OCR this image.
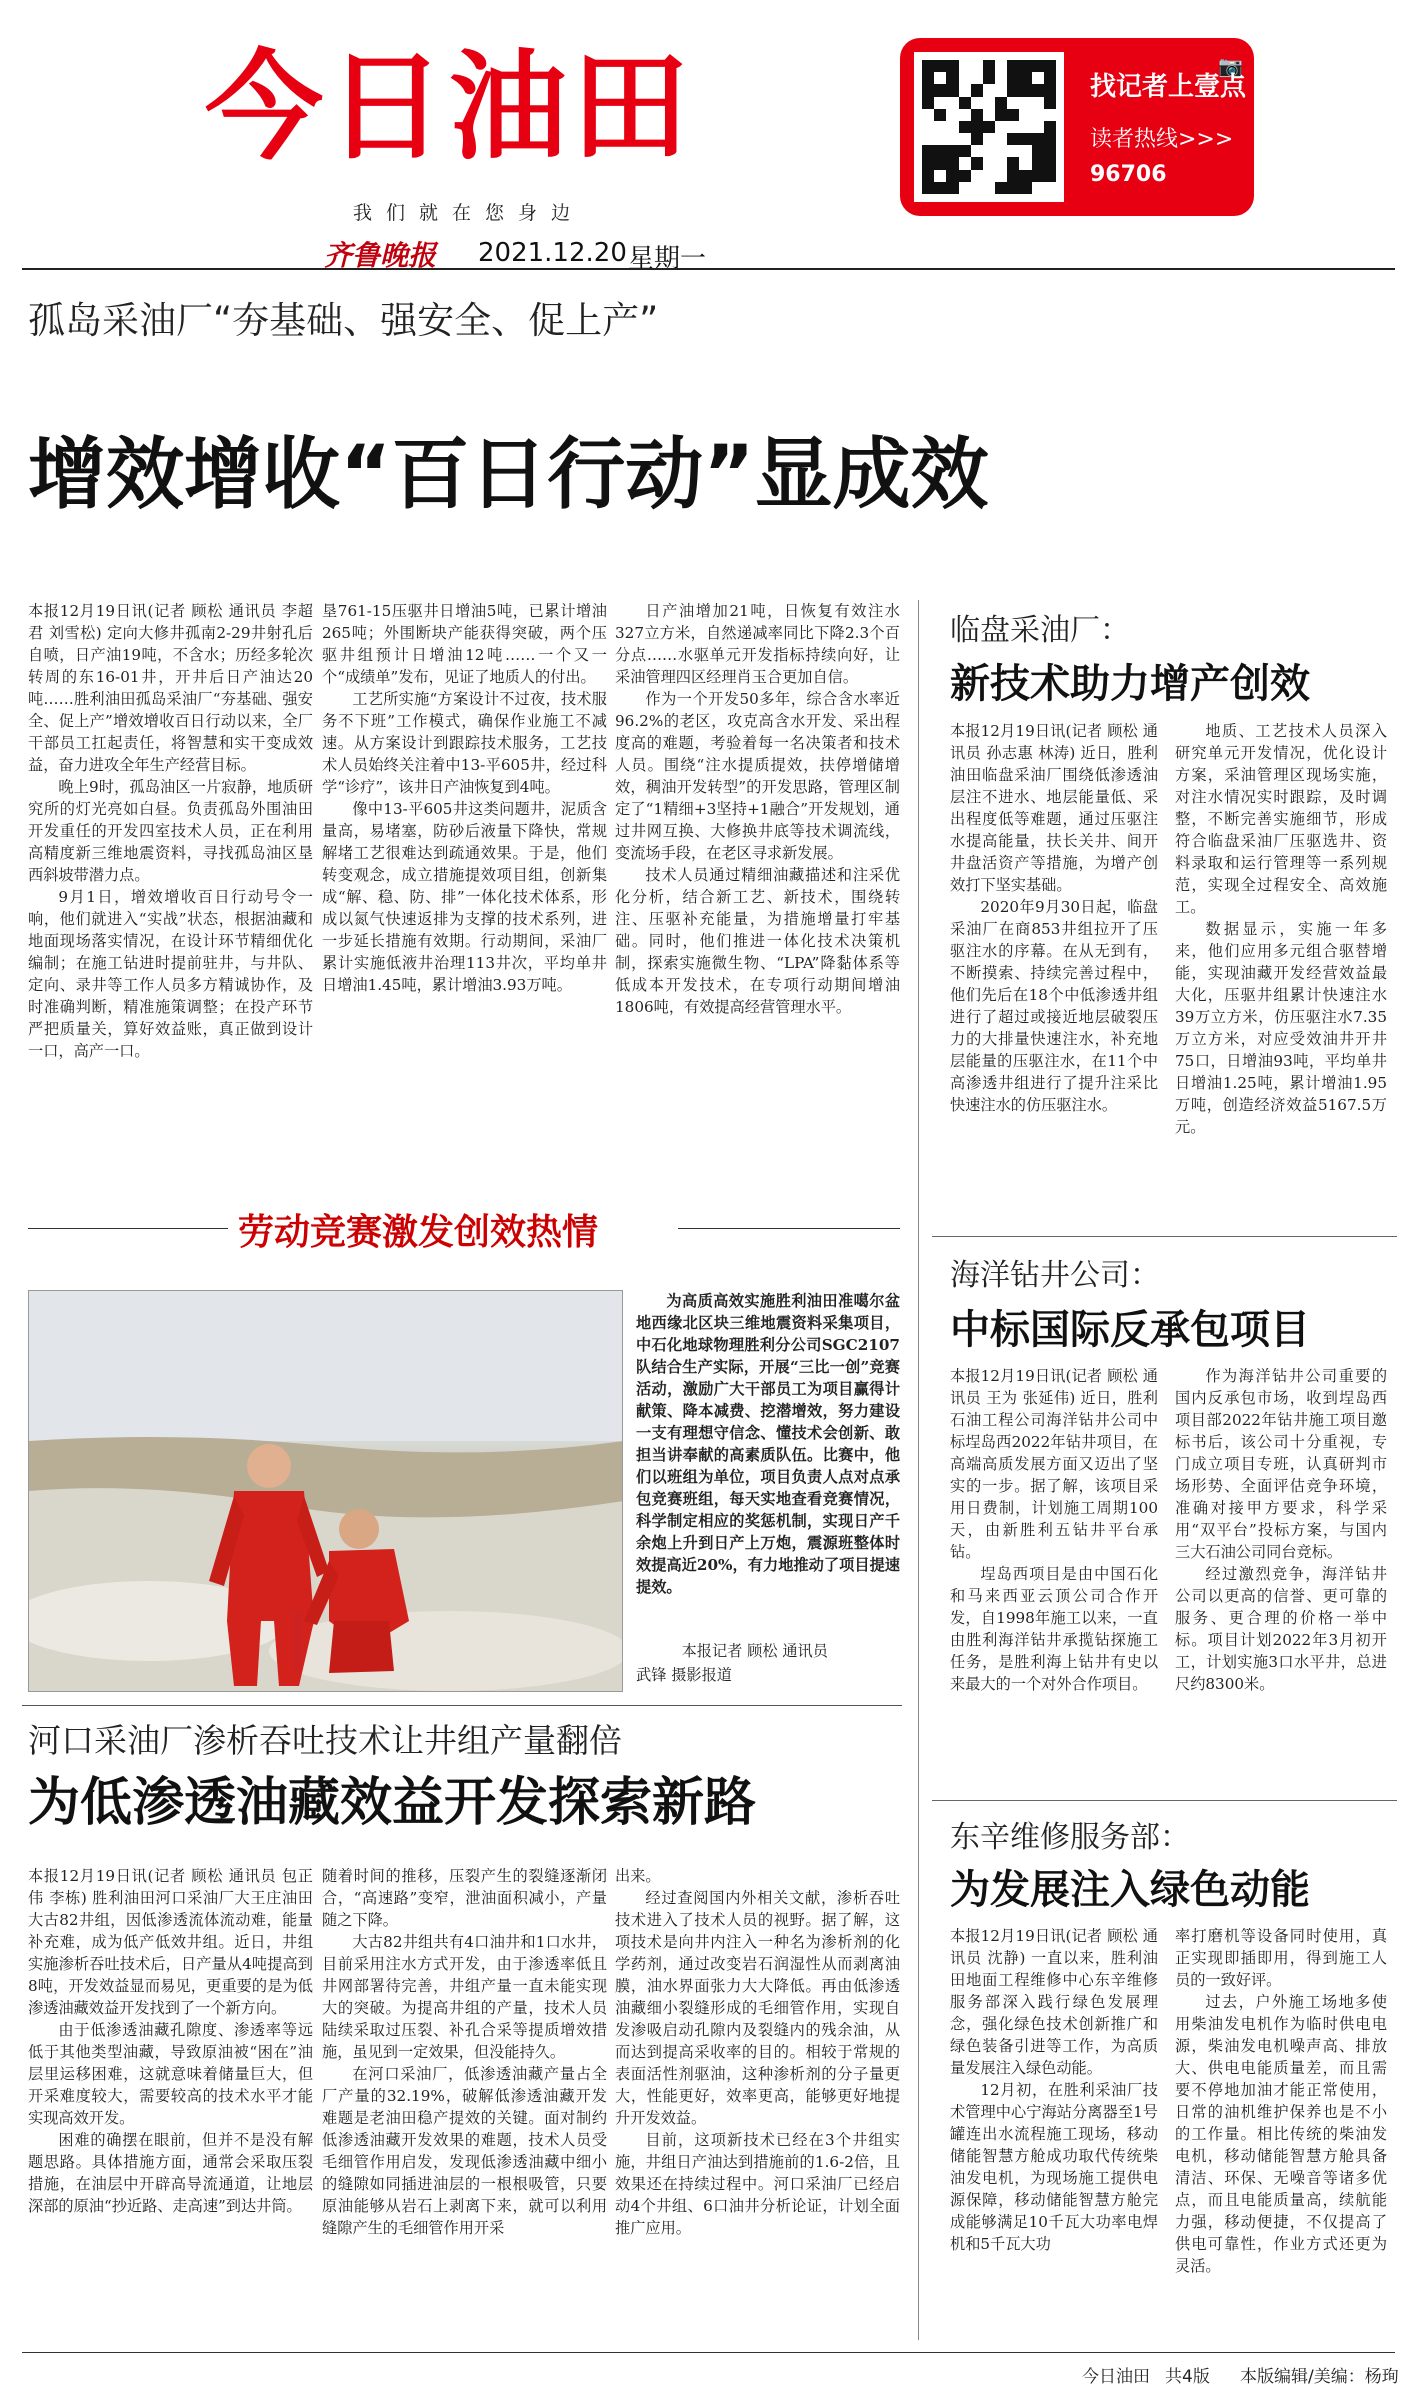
今日油田
我们就在您身边
齐鲁晚报 2021.12.20 星期一
📷
找记者上壹点
读者热线>>>
96706
孤岛采油厂“夯基础、强安全、促上产”
增效增收“百日行动”显成效

本报12月19日讯(记者 顾松 通讯员 李超君 刘雪松) 定向大修井孤南2-29井射孔后自喷，日产油19吨，不含水；历经多轮次转周的东16-01井，开井后日产油达20吨……胜利油田孤岛采油厂“夯基础、强安全、促上产”增效增收百日行动以来，全厂干部员工扛起责任，将智慧和实干变成效益，奋力进攻全年生产经营目标。

晚上9时，孤岛油区一片寂静，地质研究所的灯光亮如白昼。负责孤岛外围油田开发重任的开发四室技术人员，正在利用高精度新三维地震资料，寻找孤岛油区垦西斜坡带潜力点。

9月1日，增效增收百日行动号令一响，他们就进入“实战”状态，根据油藏和地面现场落实情况，在设计环节精细优化编制；在施工钻进时提前驻井，与井队、定向、录井等工作人员多方精诚协作，及时准确判断，精准施策调整；在投产环节严把质量关，算好效益账，真正做到设计一口，高产一口。

垦761-15压驱井日增油5吨，已累计增油265吨；外围断块产能获得突破，两个压驱井组预计日增油12吨……一个又一个“成绩单”发布，见证了地质人的付出。

工艺所实施“方案设计不过夜，技术服务不下班”工作模式，确保作业施工不减速。从方案设计到跟踪技术服务，工艺技术人员始终关注着中13-平605井，经过科学“诊疗”，该井日产油恢复到4吨。

像中13-平605井这类问题井，泥质含量高，易堵塞，防砂后液量下降快，常规解堵工艺很难达到疏通效果。于是，他们转变观念，成立措施提效项目组，创新集成“解、稳、防、排”一体化技术体系，形成以氮气快速返排为支撑的技术系列，进一步延长措施有效期。行动期间，采油厂累计实施低液井治理113井次，平均单井日增油1.45吨，累计增油3.93万吨。

日产油增加21吨，日恢复有效注水327立方米，自然递减率同比下降2.3个百分点……水驱单元开发指标持续向好，让采油管理四区经理肖玉合更加自信。

作为一个开发50多年，综合含水率近96.2%的老区，攻克高含水开发、采出程度高的难题，考验着每一名决策者和技术人员。围绕“注水提质提效，扶停增储增效，稠油开发转型”的开发思路，管理区制定了“1精细+3坚持+1融合”开发规划，通过井网互换、大修换井底等技术调流线，变流场手段，在老区寻求新发展。

技术人员通过精细油藏描述和注采优化分析，结合新工艺、新技术，围绕转注、压驱补充能量，为措施增量打牢基础。同时，他们推进一体化技术决策机制，探索实施微生物、“LPA”降黏体系等低成本开发技术，在专项行动期间增油1806吨，有效提高经营管理水平。

劳动竞赛激发创效热情

为高质高效实施胜利油田准噶尔盆地西缘北区块三维地震资料采集项目，中石化地球物理胜利分公司SGC2107队结合生产实际，开展“三比一创”竞赛活动，激励广大干部员工为项目赢得计献策、降本减费、挖潜增效，努力建设一支有理想守信念、懂技术会创新、敢担当讲奉献的高素质队伍。比赛中，他们以班组为单位，项目负责人点对点承包竞赛班组，每天实地查看竞赛情况，科学制定相应的奖惩机制，实现日产千余炮上升到日产上万炮，震源班整体时效提高近20%，有力地推动了项目提速提效。

本报记者 顾松 通讯员
武锋 摄影报道
河口采油厂渗析吞吐技术让井组产量翻倍
为低渗透油藏效益开发探索新路

本报12月19日讯(记者 顾松 通讯员 包正伟 李栋) 胜利油田河口采油厂大王庄油田大古82井组，因低渗透流体流动难，能量补充难，成为低产低效井组。近日，井组实施渗析吞吐技术后，日产量从4吨提高到8吨，开发效益显而易见，更重要的是为低渗透油藏效益开发找到了一个新方向。

由于低渗透油藏孔隙度、渗透率等远低于其他类型油藏，导致原油被“困在”油层里运移困难，这就意味着储量巨大，但开采难度较大，需要较高的技术水平才能实现高效开发。

困难的确摆在眼前，但并不是没有解题思路。具体措施方面，通常会采取压裂措施，在油层中开辟高导流通道，让地层深部的原油“抄近路、走高速”到达井筒。

随着时间的推移，压裂产生的裂缝逐渐闭合，“高速路”变窄，泄油面积减小，产量随之下降。

大古82井组共有4口油井和1口水井，目前采用注水方式开发，由于渗透率低且井网部署待完善，井组产量一直未能实现大的突破。为提高井组的产量，技术人员陆续采取过压裂、补孔合采等提质增效措施，虽见到一定效果，但没能持久。

在河口采油厂，低渗透油藏产量占全厂产量的32.19%，破解低渗透油藏开发难题是老油田稳产提效的关键。面对制约低渗透油藏开发效果的难题，技术人员受毛细管作用启发，发现低渗透油藏中细小的缝隙如同插进油层的一根根吸管，只要原油能够从岩石上剥离下来，就可以利用缝隙产生的毛细管作用开采

出来。

经过查阅国内外相关文献，渗析吞吐技术进入了技术人员的视野。据了解，这项技术是向井内注入一种名为渗析剂的化学药剂，通过改变岩石润湿性从而剥离油膜，油水界面张力大大降低。再由低渗透油藏细小裂缝形成的毛细管作用，实现自发渗吸启动孔隙内及裂缝内的残余油，从而达到提高采收率的目的。相较于常规的表面活性剂驱油，这种渗析剂的分子量更大，性能更好，效率更高，能够更好地提升开发效益。

目前，这项新技术已经在3个井组实施，井组日产油达到措施前的1.6-2倍，且效果还在持续过程中。河口采油厂已经启动4个井组、6口油井分析论证，计划全面推广应用。

临盘采油厂：
新技术助力增产创效

本报12月19日讯(记者 顾松 通讯员 孙志惠 林涛) 近日，胜利油田临盘采油厂围绕低渗透油层注不进水、地层能量低、采出程度低等难题，通过压驱注水提高能量，扶长关井、间开井盘活资产等措施，为增产创效打下坚实基础。

2020年9月30日起，临盘采油厂在商853井组拉开了压驱注水的序幕。在从无到有，不断摸索、持续完善过程中，他们先后在18个中低渗透井组进行了超过或接近地层破裂压力的大排量快速注水，补充地层能量的压驱注水，在11个中高渗透井组进行了提升注采比快速注水的仿压驱注水。

地质、工艺技术人员深入研究单元开发情况，优化设计方案，采油管理区现场实施，对注水情况实时跟踪，及时调整，不断完善实施细节，形成符合临盘采油厂压驱选井、资料录取和运行管理等一系列规范，实现全过程安全、高效施工。

数据显示，实施一年多来，他们应用多元组合驱替增能，实现油藏开发经营效益最大化，压驱井组累计快速注水39万立方米，仿压驱注水7.35万立方米，对应受效油井开井75口，日增油93吨，平均单井日增油1.25吨，累计增油1.95万吨，创造经济效益5167.5万元。

海洋钻井公司：
中标国际反承包项目

本报12月19日讯(记者 顾松 通讯员 王为 张延伟) 近日，胜利石油工程公司海洋钻井公司中标埕岛西2022年钻井项目，在高端高质发展方面又迈出了坚实的一步。据了解，该项目采用日费制，计划施工周期100天，由新胜利五钻井平台承钻。

埕岛西项目是由中国石化和马来西亚云顶公司合作开发，自1998年施工以来，一直由胜利海洋钻井承揽钻探施工任务，是胜利海上钻井有史以来最大的一个对外合作项目。

作为海洋钻井公司重要的国内反承包市场，收到埕岛西项目部2022年钻井施工项目邀标书后，该公司十分重视，专门成立项目专班，认真研判市场形势、全面评估竞争环境，准确对接甲方要求，科学采用“双平台”投标方案，与国内三大石油公司同台竞标。

经过激烈竞争，海洋钻井公司以更高的信誉、更可靠的服务、更合理的价格一举中标。项目计划2022年3月初开工，计划实施3口水平井，总进尺约8300米。

东辛维修服务部：
为发展注入绿色动能

本报12月19日讯(记者 顾松 通讯员 沈静) 一直以来，胜利油田地面工程维修中心东辛维修服务部深入践行绿色发展理念，强化绿色技术创新推广和绿色装备引进等工作，为高质量发展注入绿色动能。

12月初，在胜利采油厂技术管理中心宁海站分离器至1号罐连出水流程施工现场，移动储能智慧方舱成功取代传统柴油发电机，为现场施工提供电源保障，移动储能智慧方舱完成能够满足10千瓦大功率电焊机和5千瓦大功

率打磨机等设备同时使用，真正实现即插即用，得到施工人员的一致好评。

过去，户外施工场地多使用柴油发电机作为临时供电电源，柴油发电机噪声高、排放大、供电电能质量差，而且需要不停地加油才能正常使用，日常的油机维护保养也是不小的工作量。相比传统的柴油发电机，移动储能智慧方舱具备清洁、环保、无噪音等诸多优点，而且电能质量高，续航能力强，移动便捷，不仅提高了供电可靠性，作业方式还更为灵活。

今日油田 共4版 本版编辑/美编：杨珣
